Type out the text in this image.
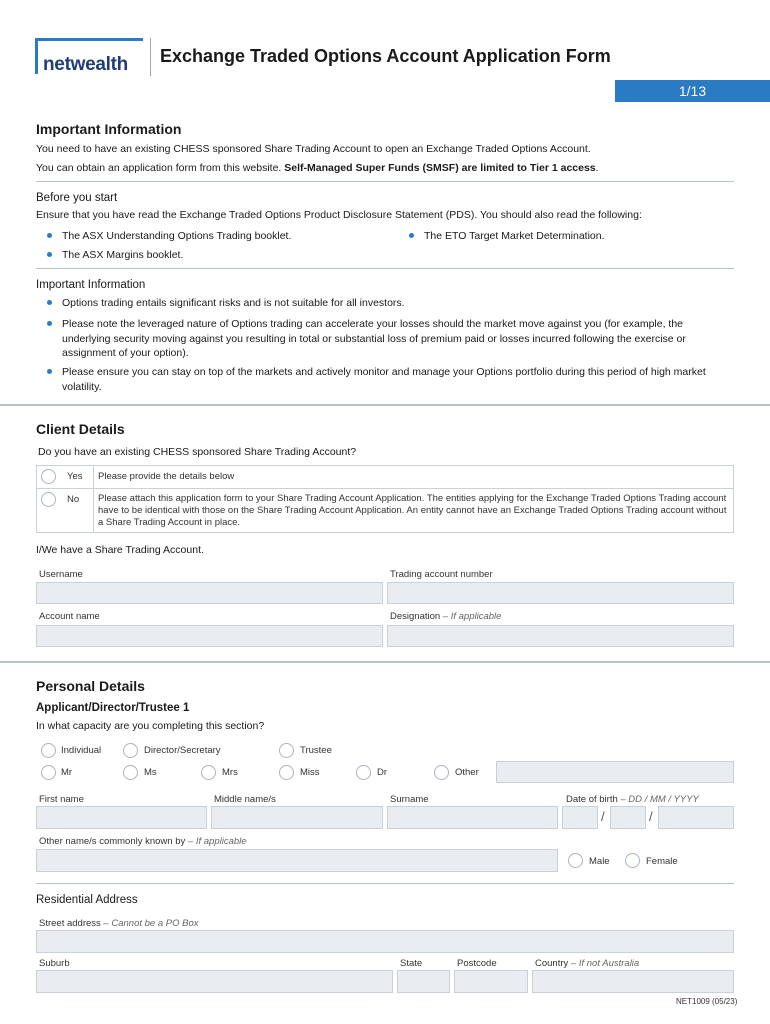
netwealth Exchange Traded Options Account Application Form
1/13
Important Information
You need to have an existing CHESS sponsored Share Trading Account to open an Exchange Traded Options Account.
You can obtain an application form from this website. Self-Managed Super Funds (SMSF) are limited to Tier 1 access.
Before you start
Ensure that you have read the Exchange Traded Options Product Disclosure Statement (PDS). You should also read the following:
The ASX Understanding Options Trading booklet.	The ETO Target Market Determination.
The ASX Margins booklet.
Important Information
Options trading entails significant risks and is not suitable for all investors.
Please note the leveraged nature of Options trading can accelerate your losses should the market move against you (for example, the underlying security moving against you resulting in total or substantial loss of premium paid or losses incurred following the exercise or assignment of your option).
Please ensure you can stay on top of the markets and actively monitor and manage your Options portfolio during this period of high market volatility.
Client Details
Do you have an existing CHESS sponsored Share Trading Account?
Yes Please provide the details below
No Please attach this application form to your Share Trading Account Application. The entities applying for the Exchange Traded Options Trading account have to be identical with those on the Share Trading Account Application. An entity cannot have an Exchange Traded Options Trading account without a Share Trading Account in place.
I/We have a Share Trading Account.
Username	Trading account number
Account name	Designation – If applicable
Personal Details
Applicant/Director/Trustee 1
In what capacity are you completing this section?
Individual	Director/Secretary	Trustee
Mr	Ms	Mrs	Miss	Dr	Other
First name	Middle name/s	Surname	Date of birth – DD / MM / YYYY
/	/
Other name/s commonly known by – If applicable
Male	Female
Residential Address
Street address – Cannot be a PO Box
Suburb	State	Postcode	Country – If not Australia
NET1009 (05/23)
